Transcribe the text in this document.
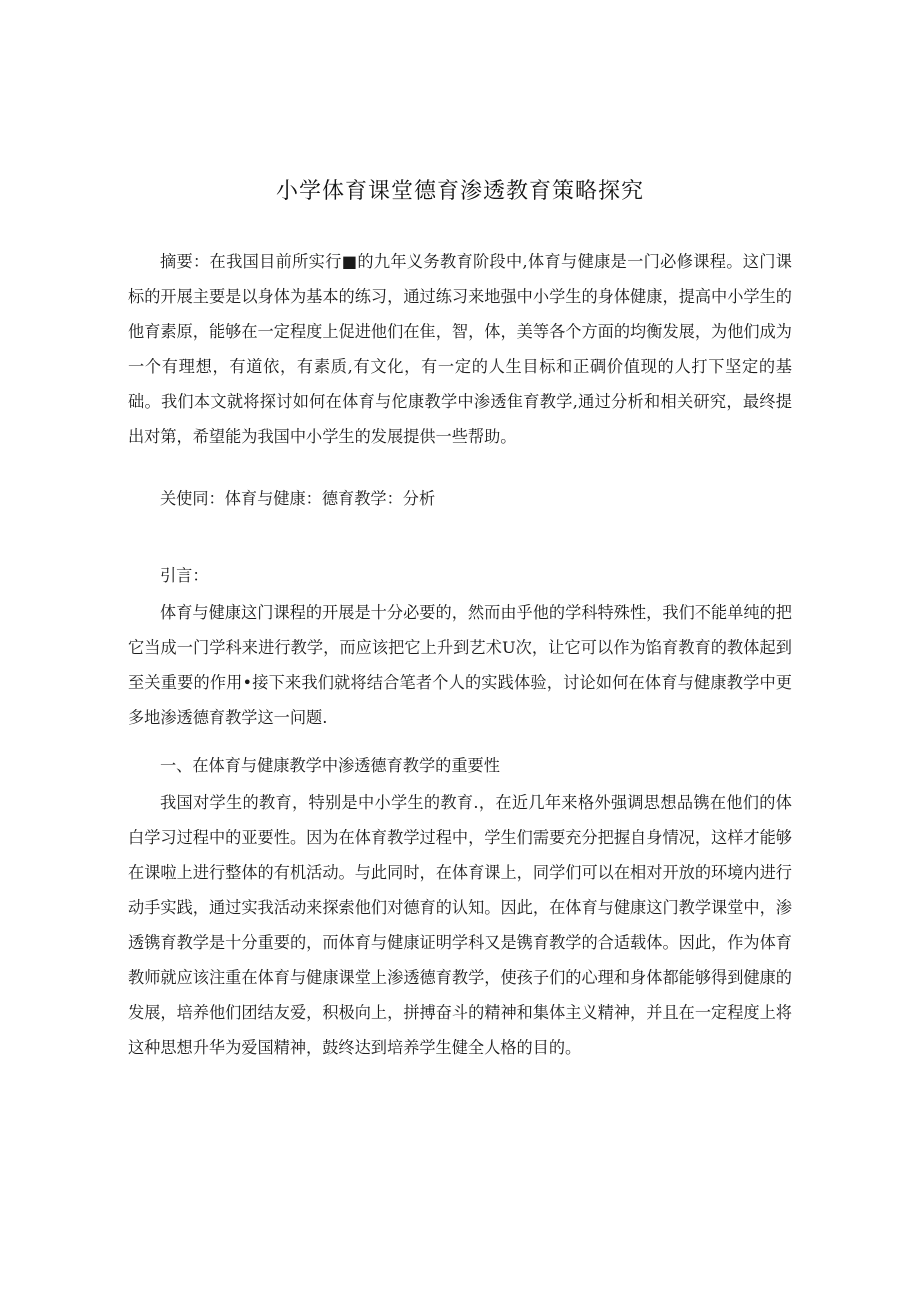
小学体育课堂德育渗透教育策略探究

摘要：在我国目前所实行■的九年义务教育阶段中,体育与健康是一门必修课程。这门课标的开展主要是以身体为基本的练习，通过练习来地强中小学生的身体健康，提高中小学生的他育素原，能够在一定程度上促进他们在隹，智，体，美等各个方面的均衡发展，为他们成为一个有理想，有道依，有素质,有文化，有一定的人生目标和正碉价值现的人打下坚定的基础。我们本文就将探讨如何在体育与佗康教学中渗透隹育教学,通过分析和相关研究，最终提出对第，希望能为我国中小学生的发展提供一些帮助。

关使同：体育与健康：德育教学：分析

引言：

体育与健康这门课程的开展是十分必要的，然而由乎他的学科特殊性，我们不能单纯的把它当成一门学科来进行教学，而应该把它上升到艺术U次，让它可以作为馅育教育的教体起到至关重要的作用•接下来我们就将结合笔者个人的实践体验，讨论如何在体育与健康教学中更多地渗透德育教学这一问题.

一、在体育与健康教学中渗透德育教学的重要性

我国对学生的教育，特别是中小学生的教育.，在近几年来格外强调思想品镌在他们的体白学习过程中的亚要性。因为在体育教学过程中，学生们需要充分把握自身情况，这样才能够在课啦上进行整体的有机活动。与此同时，在体育课上，同学们可以在相对开放的环境内进行动手实践，通过实我活动来探索他们对德育的认知。因此，在体育与健康这门教学课堂中，渗透镌育教学是十分重要的，而体育与健康证明学科又是镌育教学的合适载体。因此，作为体育教师就应该注重在体育与健康课堂上渗透德育教学，使孩子们的心理和身体都能够得到健康的发展，培养他们团结友爱，积极向上，拼搏奋斗的精神和集体主义精神，并且在一定程度上将这种思想升华为爱国精神，鼓终达到培养学生健全人格的目的。
